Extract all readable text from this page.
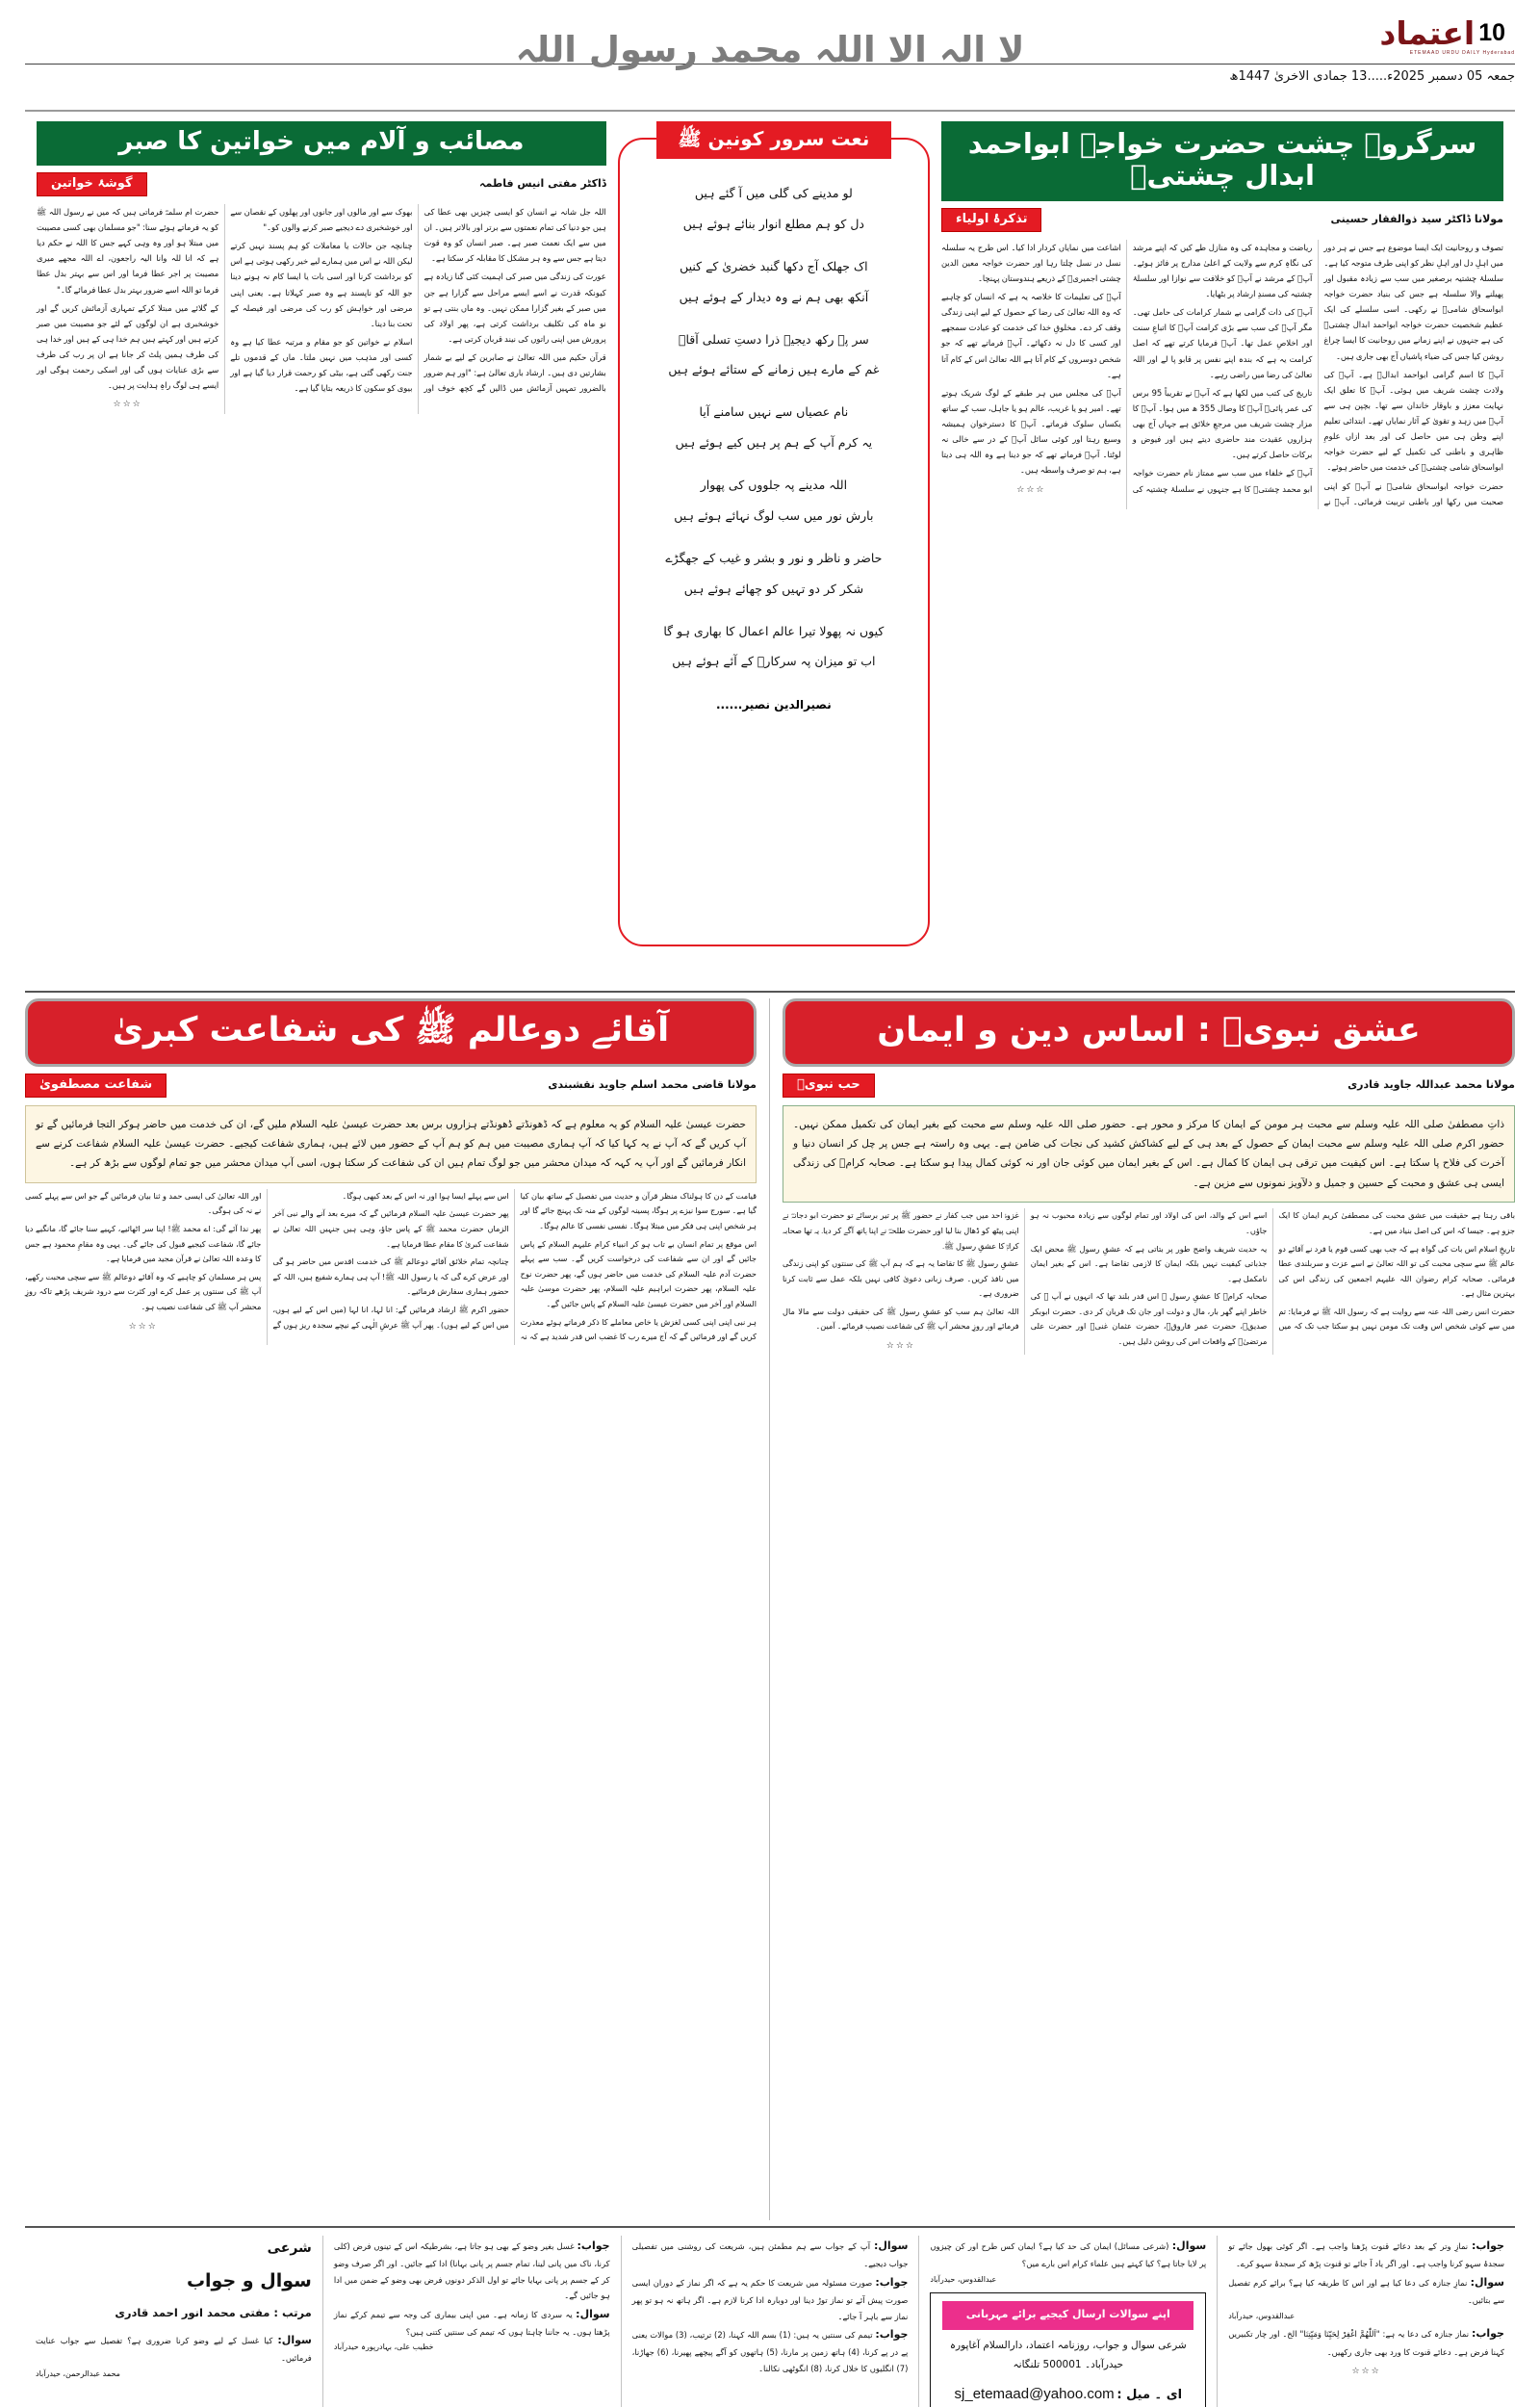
10 اعتماد
ETEMAAD URDU DAILY Hyderabad
لا الہ الا اللہ محمد رسول اللہ
جمعہ 05 دسمبر 2025ء.....13 جمادی الاخریٰ 1447ھ
سرگروہ چشت حضرت خواجہ ابواحمد ابدال چشتیؒ
مولانا ڈاکٹر سید ذوالفقار حسینی
تذکرۂ اولیاء

تصوف و روحانیت ایک ایسا موضوع ہے جس نے ہر دور میں اہلِ دل اور اہلِ نظر کو اپنی طرف متوجہ کیا ہے۔ سلسلۂ چشتیہ برصغیر میں سب سے زیادہ مقبول اور پھیلنے والا سلسلہ ہے جس کی بنیاد حضرت خواجہ ابواسحاق شامیؒ نے رکھی۔ اسی سلسلے کی ایک عظیم شخصیت حضرت خواجہ ابواحمد ابدال چشتیؒ کی ہے جنہوں نے اپنے زمانے میں روحانیت کا ایسا چراغ روشن کیا جس کی ضیاء پاشیاں آج بھی جاری ہیں۔

آپؒ کا اسم گرامی ابواحمد ابدالؒ ہے۔ آپؒ کی ولادت چشت شریف میں ہوئی۔ آپؒ کا تعلق ایک نہایت معزز و باوقار خاندان سے تھا۔ بچپن ہی سے آپؒ میں زہد و تقویٰ کے آثار نمایاں تھے۔ ابتدائی تعلیم اپنے وطن ہی میں حاصل کی اور بعد ازاں علومِ ظاہری و باطنی کی تکمیل کے لیے حضرت خواجہ ابواسحاق شامی چشتیؒ کی خدمت میں حاضر ہوئے۔

حضرت خواجہ ابواسحاق شامیؒ نے آپؒ کو اپنی صحبت میں رکھا اور باطنی تربیت فرمائی۔ آپؒ نے ریاضت و مجاہدہ کی وہ منازل طے کیں کہ اپنے مرشد کی نگاہِ کرم سے ولایت کے اعلیٰ مدارج پر فائز ہوئے۔ آپؒ کے مرشد نے آپؒ کو خلافت سے نوازا اور سلسلۂ چشتیہ کی مسندِ ارشاد پر بٹھایا۔

آپؒ کی ذات گرامی بے شمار کرامات کی حامل تھی۔ مگر آپؒ کی سب سے بڑی کرامت آپؒ کا اتباعِ سنت اور اخلاصِ عمل تھا۔ آپؒ فرمایا کرتے تھے کہ اصل کرامت یہ ہے کہ بندہ اپنے نفس پر قابو پا لے اور اللہ تعالیٰ کی رضا میں راضی رہے۔

تاریخ کی کتب میں لکھا ہے کہ آپؒ نے تقریباً 95 برس کی عمر پائی۔ آپؒ کا وصال 355 ھ میں ہوا۔ آپؒ کا مزار چشت شریف میں مرجعِ خلائق ہے جہاں آج بھی ہزاروں عقیدت مند حاضری دیتے ہیں اور فیوض و برکات حاصل کرتے ہیں۔

آپؒ کے خلفاء میں سب سے ممتاز نام حضرت خواجہ ابو محمد چشتیؒ کا ہے جنہوں نے سلسلۂ چشتیہ کی اشاعت میں نمایاں کردار ادا کیا۔ اس طرح یہ سلسلہ نسل در نسل چلتا رہا اور حضرت خواجہ معین الدین چشتی اجمیریؒ کے ذریعے ہندوستان پہنچا۔

آپؒ کی تعلیمات کا خلاصہ یہ ہے کہ انسان کو چاہیے کہ وہ اللہ تعالیٰ کی رضا کے حصول کے لیے اپنی زندگی وقف کر دے۔ مخلوقِ خدا کی خدمت کو عبادت سمجھے اور کسی کا دل نہ دکھائے۔ آپؒ فرماتے تھے کہ جو شخص دوسروں کے کام آتا ہے اللہ تعالیٰ اس کے کام آتا ہے۔

آپؒ کی مجلس میں ہر طبقے کے لوگ شریک ہوتے تھے۔ امیر ہو یا غریب، عالم ہو یا جاہل، سب کے ساتھ یکساں سلوک فرماتے۔ آپؒ کا دسترخوان ہمیشہ وسیع رہتا اور کوئی سائل آپؒ کے در سے خالی نہ لوٹتا۔ آپؒ فرماتے تھے کہ جو دینا ہے وہ اللہ ہی دیتا ہے، ہم تو صرف واسطہ ہیں۔

☆☆☆
نعت سرور کونین ﷺ
لو مدینے کی گلی میں آ گئے ہیں
دل کو ہم مطلع انوار بنائے ہوئے ہیں
اک جھلک آج دکھا گنبد خضریٰ کے کنیں
آنکھ بھی ہم نے وہ دیدار کے ہوئے ہیں
سر پہ رکھ دیجیے ذرا دستِ تسلی آقاؐ
غم کے مارے ہیں زمانے کے ستائے ہوئے ہیں
نام عصیاں سے نہیں سامنے آیا
یہ کرم آپ کے ہم پر ہیں کیے ہوئے ہیں
اللہ مدینے پہ جلووں کی پھوار
بارش نور میں سب لوگ نہائے ہوئے ہیں
حاضر و ناظر و نور و بشر و غیب کے جھگڑے
شکر کر دو تہیں کو چھائے ہوئے ہیں
کیوں نہ پھولا تیرا عالم اعمال کا بھاری ہو گا
اب تو میزان پہ سرکارؐ کے آئے ہوئے ہیں
نصیرالدین نصیر......
مصائب و آلام میں خواتین کا صبر
ڈاکٹر مفتی انیس فاطمہ
گوشۂ خواتین

اللہ جل شانہ نے انسان کو ایسی چیزیں بھی عطا کی ہیں جو دنیا کی تمام نعمتوں سے برتر اور بالاتر ہیں۔ ان میں سے ایک نعمت صبر ہے۔ صبر انسان کو وہ قوت دیتا ہے جس سے وہ ہر مشکل کا مقابلہ کر سکتا ہے۔

عورت کی زندگی میں صبر کی اہمیت کئی گنا زیادہ ہے کیونکہ قدرت نے اسے ایسے مراحل سے گزارا ہے جن میں صبر کے بغیر گزارا ممکن نہیں۔ وہ ماں بنتی ہے تو نو ماہ کی تکلیف برداشت کرتی ہے، پھر اولاد کی پرورش میں اپنی راتوں کی نیند قربان کرتی ہے۔

قرآن حکیم میں اللہ تعالیٰ نے صابرین کے لیے بے شمار بشارتیں دی ہیں۔ ارشاد باری تعالیٰ ہے: "اور ہم ضرور بالضرور تمہیں آزمائش میں ڈالیں گے کچھ خوف اور بھوک سے اور مالوں اور جانوں اور پھلوں کے نقصان سے اور خوشخبری دے دیجیے صبر کرنے والوں کو۔"

چنانچہ جن حالات یا معاملات کو ہم پسند نہیں کرتے لیکن اللہ نے اس میں ہمارے لیے خیر رکھی ہوتی ہے اس کو برداشت کرنا اور اسی بات یا ایسا کام نہ ہونے دینا جو اللہ کو ناپسند ہے وہ صبر کہلاتا ہے۔ یعنی اپنی مرضی اور خواہش کو رب کی مرضی اور فیصلہ کے تحت بنا دینا۔

اسلام نے خواتین کو جو مقام و مرتبہ عطا کیا ہے وہ کسی اور مذہب میں نہیں ملتا۔ ماں کے قدموں تلے جنت رکھی گئی ہے، بیٹی کو رحمت قرار دیا گیا ہے اور بیوی کو سکون کا ذریعہ بتایا گیا ہے۔

حضرت ام سلمہؓ فرماتی ہیں کہ میں نے رسول اللہ ﷺ کو یہ فرماتے ہوئے سنا: "جو مسلمان بھی کسی مصیبت میں مبتلا ہو اور وہ وہی کہے جس کا اللہ نے حکم دیا ہے کہ انا للہ وانا الیہ راجعون، اے اللہ مجھے میری مصیبت پر اجر عطا فرما اور اس سے بہتر بدل عطا فرما تو اللہ اسے ضرور بہتر بدل عطا فرمائے گا۔"

کے گلائے میں مبتلا کرکے تمہاری آزمائش کریں گے اور خوشخبری ہے ان لوگوں کے لئے جو مصیبت میں صبر کرتے ہیں اور کہتے ہیں ہم خدا ہی کے ہیں اور خدا ہی کی طرف ہمیں پلٹ کر جانا ہے ان پر رب کی طرف سے بڑی عنایات ہوں گی اور اسکی رحمت ہوگی اور ایسے ہی لوگ راہِ ہدایت پر ہیں۔

☆☆☆
عشق نبویؐ : اساس دین و ایمان
مولانا محمد عبداللہ جاوید قادری
حب نبویؐ
ذاتِ مصطفیٰ صلی اللہ علیہ وسلم سے محبت ہر مومن کے ایمان کا مرکز و محور ہے۔ حضور صلی اللہ علیہ وسلم سے محبت کیے بغیر ایمان کی تکمیل ممکن نہیں۔ حضور اکرم صلی اللہ علیہ وسلم سے محبت ایمان کے حصول کے بعد ہی کے لیے کشاکش کشید کی نجات کی ضامن ہے۔ یہی وہ راستہ ہے جس پر چل کر انسان دنیا و آخرت کی فلاح پا سکتا ہے۔ اس کیفیت میں ترقی ہی ایمان کا کمال ہے۔ اس کے بغیر ایمان میں کوئی جان اور نہ کوئی کمال پیدا ہو سکتا ہے۔ صحابہ کرامؓ کی زندگی ایسی ہی عشق و محبت کے حسین و جمیل و دلآویز نمونوں سے مزین ہے۔

باقی رہتا ہے حقیقت میں عشق محبت کی مصطفیٰ کریم ایمان کا ایک جزو ہے۔ جیسا کہ اس کی اصل بنیاد میں ہے۔

تاریخِ اسلام اس بات کی گواہ ہے کہ جب بھی کسی قوم یا فرد نے آقائے دو عالم ﷺ سے سچی محبت کی تو اللہ تعالیٰ نے اسے عزت و سربلندی عطا فرمائی۔ صحابہ کرام رضوان اللہ علیہم اجمعین کی زندگی اس کی بہترین مثال ہے۔

حضرت انس رضی اللہ عنہ سے روایت ہے کہ رسول اللہ ﷺ نے فرمایا: تم میں سے کوئی شخص اس وقت تک مومن نہیں ہو سکتا جب تک کہ میں اسے اس کے والد، اس کی اولاد اور تمام لوگوں سے زیادہ محبوب نہ ہو جاؤں۔

یہ حدیث شریف واضح طور پر بتاتی ہے کہ عشقِ رسول ﷺ محض ایک جذباتی کیفیت نہیں بلکہ ایمان کا لازمی تقاضا ہے۔ اس کے بغیر ایمان نامکمل ہے۔

صحابہ کرامؓ کا عشقِ رسول ﷺ اس قدر بلند تھا کہ انہوں نے آپ ﷺ کی خاطر اپنے گھر بار، مال و دولت اور جان تک قربان کر دی۔ حضرت ابوبکر صدیقؓ، حضرت عمر فاروقؓ، حضرت عثمان غنیؓ اور حضرت علی مرتضیٰؓ کے واقعات اس کی روشن دلیل ہیں۔

غزوۂ احد میں جب کفار نے حضور ﷺ پر تیر برسائے تو حضرت ابو دجانہؓ نے اپنی پیٹھ کو ڈھال بنا لیا اور حضرت طلحہؓ نے اپنا ہاتھ آگے کر دیا۔ یہ تھا صحابہ کرامؓ کا عشقِ رسول ﷺ۔

عشقِ رسول ﷺ کا تقاضا یہ ہے کہ ہم آپ ﷺ کی سنتوں کو اپنی زندگی میں نافذ کریں۔ صرف زبانی دعویٰ کافی نہیں بلکہ عمل سے ثابت کرنا ضروری ہے۔

اللہ تعالیٰ ہم سب کو عشقِ رسول ﷺ کی حقیقی دولت سے مالا مال فرمائے اور روزِ محشر آپ ﷺ کی شفاعت نصیب فرمائے۔ آمین۔

☆☆☆
آقائے دوعالم ﷺ کی شفاعت کبریٰ
مولانا قاضی محمد اسلم جاوید نقشبندی
شفاعت مصطفویٰ
حضرت عیسیٰ علیہ السلام کو یہ معلوم ہے کہ ڈھونڈتے ڈھونڈتے ہزاروں برس بعد حضرت عیسیٰ علیہ السلام ملیں گے، ان کی خدمت میں حاضر ہوکر التجا فرمائیں گے تو آپ کریں گے کہ آپ نے یہ کہا کیا کہ آپ ہماری مصیبت میں ہم کو ہم آپ کے حضور میں لائے ہیں، ہماری شفاعت کیجیے۔ حضرت عیسیٰ علیہ السلام شفاعت کرنے سے انکار فرمائیں گے اور آپ یہ کہہ کہ میدان محشر میں جو لوگ تمام ہیں ان کی شفاعت کر سکتا ہوں، اسی آپ میدان محشر میں جو تمام لوگوں سے بڑھ کر ہے۔

قیامت کے دن کا ہولناک منظر قرآن و حدیث میں تفصیل کے ساتھ بیان کیا گیا ہے۔ سورج سوا نیزے پر ہوگا، پسینہ لوگوں کے منہ تک پہنچ جائے گا اور ہر شخص اپنی ہی فکر میں مبتلا ہوگا۔ نفسی نفسی کا عالم ہوگا۔

اس موقع پر تمام انسان بے تاب ہو کر انبیاء کرام علیہم السلام کے پاس جائیں گے اور ان سے شفاعت کی درخواست کریں گے۔ سب سے پہلے حضرت آدم علیہ السلام کی خدمت میں حاضر ہوں گے، پھر حضرت نوح علیہ السلام، پھر حضرت ابراہیم علیہ السلام، پھر حضرت موسیٰ علیہ السلام اور آخر میں حضرت عیسیٰ علیہ السلام کے پاس جائیں گے۔

ہر نبی اپنی اپنی کسی لغزش یا خاص معاملے کا ذکر فرماتے ہوئے معذرت کریں گے اور فرمائیں گے کہ آج میرے رب کا غضب اس قدر شدید ہے کہ نہ اس سے پہلے ایسا ہوا اور نہ اس کے بعد کبھی ہوگا۔

پھر حضرت عیسیٰ علیہ السلام فرمائیں گے کہ میرے بعد آنے والے نبی آخر الزماں حضرت محمد ﷺ کے پاس جاؤ، وہی ہیں جنہیں اللہ تعالیٰ نے شفاعت کبریٰ کا مقام عطا فرمایا ہے۔

چنانچہ تمام خلائق آقائے دوعالم ﷺ کی خدمت اقدس میں حاضر ہو گی اور عرض کرے گی کہ یا رسول اللہ ﷺ! آپ ہی ہمارے شفیع ہیں، اللہ کے حضور ہماری سفارش فرمائیے۔

حضور اکرم ﷺ ارشاد فرمائیں گے: انا لہا، انا لہا (میں اس کے لیے ہوں، میں اس کے لیے ہوں)۔ پھر آپ ﷺ عرشِ الٰہی کے نیچے سجدہ ریز ہوں گے اور اللہ تعالیٰ کی ایسی حمد و ثنا بیان فرمائیں گے جو اس سے پہلے کسی نے نہ کی ہوگی۔

پھر ندا آئے گی: اے محمد ﷺ! اپنا سر اٹھائیے، کہیے سنا جائے گا، مانگیے دیا جائے گا، شفاعت کیجیے قبول کی جائے گی۔ یہی وہ مقامِ محمود ہے جس کا وعدہ اللہ تعالیٰ نے قرآن مجید میں فرمایا ہے۔

پس ہر مسلمان کو چاہیے کہ وہ آقائے دوعالم ﷺ سے سچی محبت رکھے، آپ ﷺ کی سنتوں پر عمل کرے اور کثرت سے درود شریف پڑھے تاکہ روزِ محشر آپ ﷺ کی شفاعت نصیب ہو۔

☆☆☆

جواب: نمازِ وتر کے بعد دعائے قنوت پڑھنا واجب ہے۔ اگر کوئی بھول جائے تو سجدۂ سہو کرنا واجب ہے۔ اور اگر یاد آ جائے تو قنوت پڑھ کر سجدۂ سہو کرے۔

سوال: نمازِ جنازہ کی دعا کیا ہے اور اس کا طریقہ کیا ہے؟ برائے کرم تفصیل سے بتائیں۔

عبدالقدوس، حیدرآباد

جواب: نماز جنازہ کی دعا یہ ہے: "اَللّٰھُمَّ اغْفِرْ لِحَیِّنَا وَمَیِّتِنَا" الخ۔ اور چار تکبیریں کہنا فرض ہے۔ دعائے قنوت کا ورد بھی جاری رکھیں۔

☆☆☆

سوال: (شرعی مسائل) ایمان کی حد کیا ہے؟ ایمان کس طرح اور کن چیزوں پر لایا جاتا ہے؟ کیا کہتے ہیں علماء کرام اس بارے میں؟

عبدالقدوس، حیدرآباد

اپنے سوالات ارسال کیجیے برائے مہربانی
شرعی سوال و جواب، روزنامہ اعتماد، دارالسلام آغاپورہ
حیدرآباد۔ 500001 تلنگانہ
ای ۔ میل : sj_etemaad@yahoo.com

سوال: آپ کے جواب سے ہم مطمئن ہیں، شریعت کی روشنی میں تفصیلی جواب دیجیے۔

جواب: صورت مسئولہ میں شریعت کا حکم یہ ہے کہ اگر نماز کے دوران ایسی صورت پیش آئے تو نماز توڑ دینا اور دوبارہ ادا کرنا لازم ہے۔ اگر ہاتھ نہ ہو تو پھر نماز سے باہر آ جائے۔

جواب: تیمم کی سنتیں یہ ہیں: (1) بسم اللہ کہنا، (2) ترتیب، (3) موالات یعنی پے در پے کرنا، (4) ہاتھ زمین پر مارنا، (5) ہاتھوں کو آگے پیچھے پھیرنا، (6) جھاڑنا، (7) انگلیوں کا خلال کرنا، (8) انگوٹھی نکالنا۔

جواب: غسل بغیر وضو کے بھی ہو جاتا ہے، بشرطیکہ اس کے تینوں فرض (کلی کرنا، ناک میں پانی لینا، تمام جسم پر پانی بہانا) ادا کیے جائیں۔ اور اگر صرف وضو کر کے جسم پر پانی بہایا جائے تو اول الذکر دونوں فرض بھی وضو کے ضمن میں ادا ہو جائیں گے۔

سوال: یہ سردی کا زمانہ ہے۔ میں اپنی بیماری کی وجہ سے تیمم کرکے نماز پڑھتا ہوں۔ یہ جاننا چاہتا ہوں کہ تیمم کی سنتیں کتنی ہیں؟

خطیب علی، بہادرپورہ حیدرآباد

شرعی
سوال و جواب
مرتب : مفتی محمد انور احمد قادری

سوال: کیا غسل کے لیے وضو کرنا ضروری ہے؟ تفصیل سے جواب عنایت فرمائیں۔

محمد عبدالرحمن، حیدرآباد
